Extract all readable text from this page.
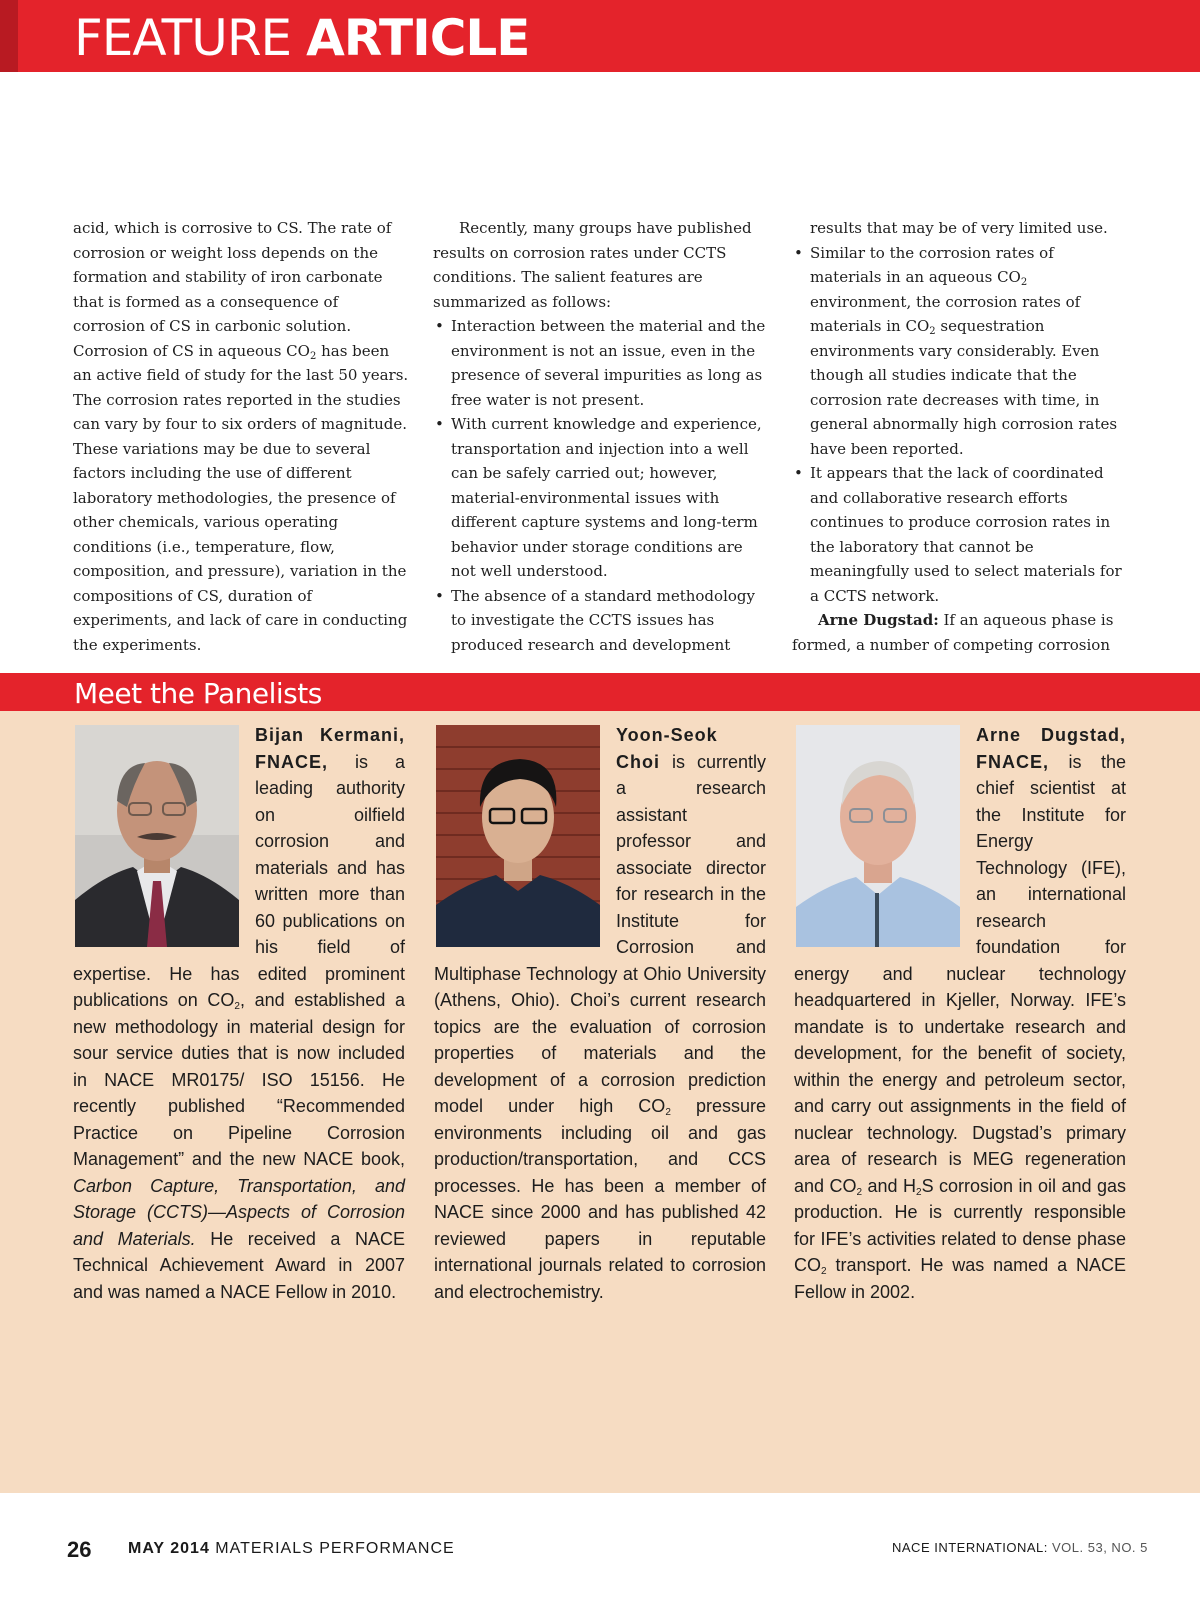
FEATURE ARTICLE

acid, which is corrosive to CS. The rate of corrosion or weight loss depends on the formation and stability of iron carbonate that is formed as a consequence of corrosion of CS in carbonic solution. Corrosion of CS in aqueous $CO_2$ has been an active field of study for the last 50 years. The corrosion rates reported in the studies can vary by four to six orders of magnitude. These variations may be due to several factors including the use of different laboratory methodologies, the presence of other chemicals, various operating conditions (i.e., temperature, flow, composition, and pressure), variation in the compositions of CS, duration of experiments, and lack of care in conducting the experiments.

Recently, many groups have published results on corrosion rates under CCTS conditions. The salient features are summarized as follows:

• Interaction between the material and the environment is not an issue, even in the presence of several impurities as long as free water is not present.
• With current knowledge and experience, transportation and injection into a well can be safely carried out; however, material-environmental issues with different capture systems and long-term behavior under storage conditions are not well understood.
• The absence of a standard methodology to investigate the CCTS issues has produced research and development

results that may be of very limited use.

• Similar to the corrosion rates of materials in an aqueous $CO_2$ environment, the corrosion rates of materials in $CO_2$ sequestration environments vary considerably. Even though all studies indicate that the corrosion rate decreases with time, in general abnormally high corrosion rates have been reported.
• It appears that the lack of coordinated and collaborative research efforts continues to produce corrosion rates in the laboratory that cannot be meaningfully used to select materials for a CCTS network.

Arne Dugstad: If an aqueous phase is formed, a number of competing corrosion

Meet the Panelists
Bijan Kermani, FNACE, is a leading authority on oilfield corrosion and materials and has written more than 60 publications on his field of expertise. He has edited prominent publications on $CO_2$, and established a new methodology in material design for sour service duties that is now included in NACE MR0175/ ISO 15156. He recently published “Recommended Practice on Pipeline Corrosion Management” and the new NACE book, Carbon Capture, Transportation, and Storage (CCTS)—Aspects of Corrosion and Materials. He received a NACE Technical Achievement Award in 2007 and was named a NACE Fellow in 2010.
Yoon-Seok Choi is currently a research assistant professor and associate director for research in the Institute for Corrosion and Multiphase Technology at Ohio University (Athens, Ohio). Choi’s current research topics are the evaluation of corrosion properties of materials and the development of a corrosion prediction model under high $CO_2$ pressure environments including oil and gas production/transportation, and CCS processes. He has been a member of NACE since 2000 and has published 42 reviewed papers in reputable international journals related to corrosion and electrochemistry.
Arne Dugstad, FNACE, is the chief scientist at the Institute for Energy Technology (IFE), an international research foundation for energy and nuclear technology headquartered in Kjeller, Norway. IFE’s mandate is to undertake research and development, for the benefit of society, within the energy and petroleum sector, and carry out assignments in the field of nuclear technology. Dugstad’s primary area of research is MEG regeneration and $CO_2$ and $H_2S$ corrosion in oil and gas production. He is currently responsible for IFE’s activities related to dense phase $CO_2$ transport. He was named a NACE Fellow in 2002.
26 MAY 2014 MATERIALS PERFORMANCE	NACE INTERNATIONAL: VOL. 53, NO. 5
